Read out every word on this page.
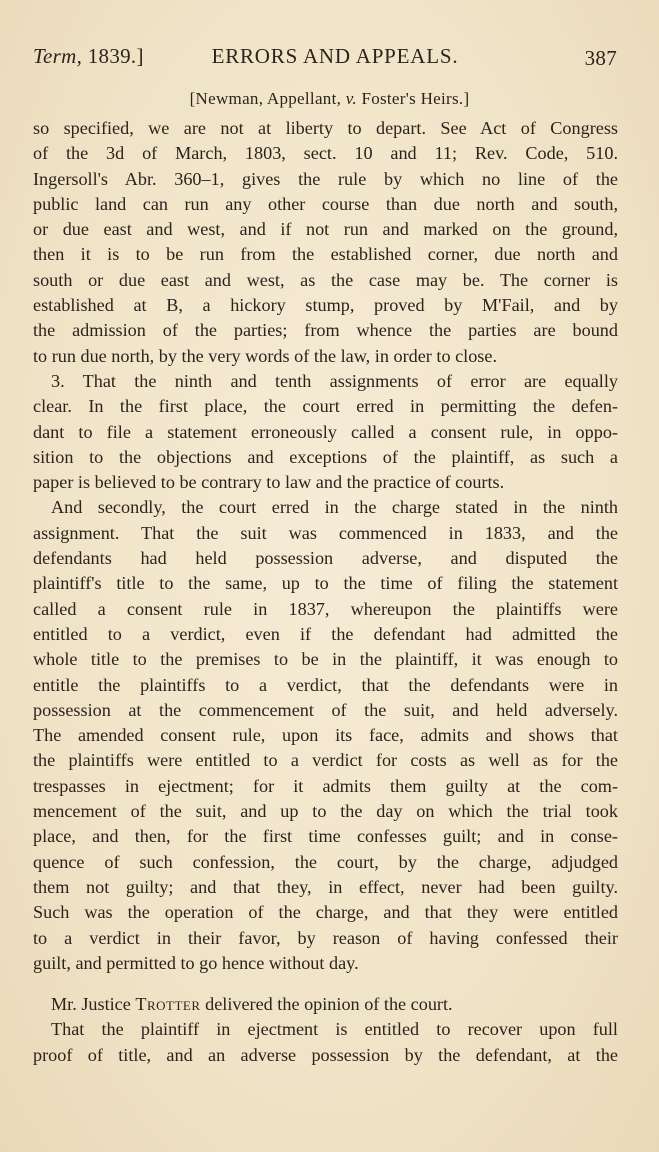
Term, 1839.]	ERRORS AND APPEALS.	387
[Newman, Appellant, v. Foster's Heirs.]
so specified, we are not at liberty to depart. See Act of Congress
of the 3d of March, 1803, sect. 10 and 11; Rev. Code, 510.
Ingersoll's Abr. 360–1, gives the rule by which no line of the
public land can run any other course than due north and south,
or due east and west, and if not run and marked on the ground,
then it is to be run from the established corner, due north and
south or due east and west, as the case may be. The corner is
established at B, a hickory stump, proved by M'Fail, and by
the admission of the parties; from whence the parties are bound
to run due north, by the very words of the law, in order to close.
3. That the ninth and tenth assignments of error are equally
clear. In the first place, the court erred in permitting the defen-
dant to file a statement erroneously called a consent rule, in oppo-
sition to the objections and exceptions of the plaintiff, as such a
paper is believed to be contrary to law and the practice of courts.
And secondly, the court erred in the charge stated in the ninth
assignment. That the suit was commenced in 1833, and the
defendants had held possession adverse, and disputed the
plaintiff's title to the same, up to the time of filing the statement
called a consent rule in 1837, whereupon the plaintiffs were
entitled to a verdict, even if the defendant had admitted the
whole title to the premises to be in the plaintiff, it was enough to
entitle the plaintiffs to a verdict, that the defendants were in
possession at the commencement of the suit, and held adversely.
The amended consent rule, upon its face, admits and shows that
the plaintiffs were entitled to a verdict for costs as well as for the
trespasses in ejectment; for it admits them guilty at the com-
mencement of the suit, and up to the day on which the trial took
place, and then, for the first time confesses guilt; and in conse-
quence of such confession, the court, by the charge, adjudged
them not guilty; and that they, in effect, never had been guilty.
Such was the operation of the charge, and that they were entitled
to a verdict in their favor, by reason of having confessed their
guilt, and permitted to go hence without day.
Mr. Justice Trotter delivered the opinion of the court.
That the plaintiff in ejectment is entitled to recover upon full
proof of title, and an adverse possession by the defendant, at the
